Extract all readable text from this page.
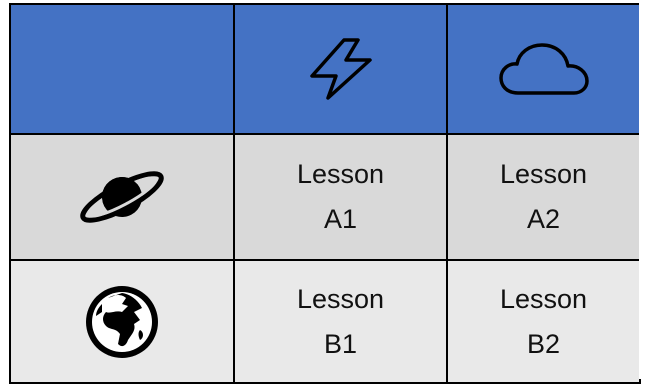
Lesson
A1	Lesson
A2

Lesson
B1	Lesson
B2
